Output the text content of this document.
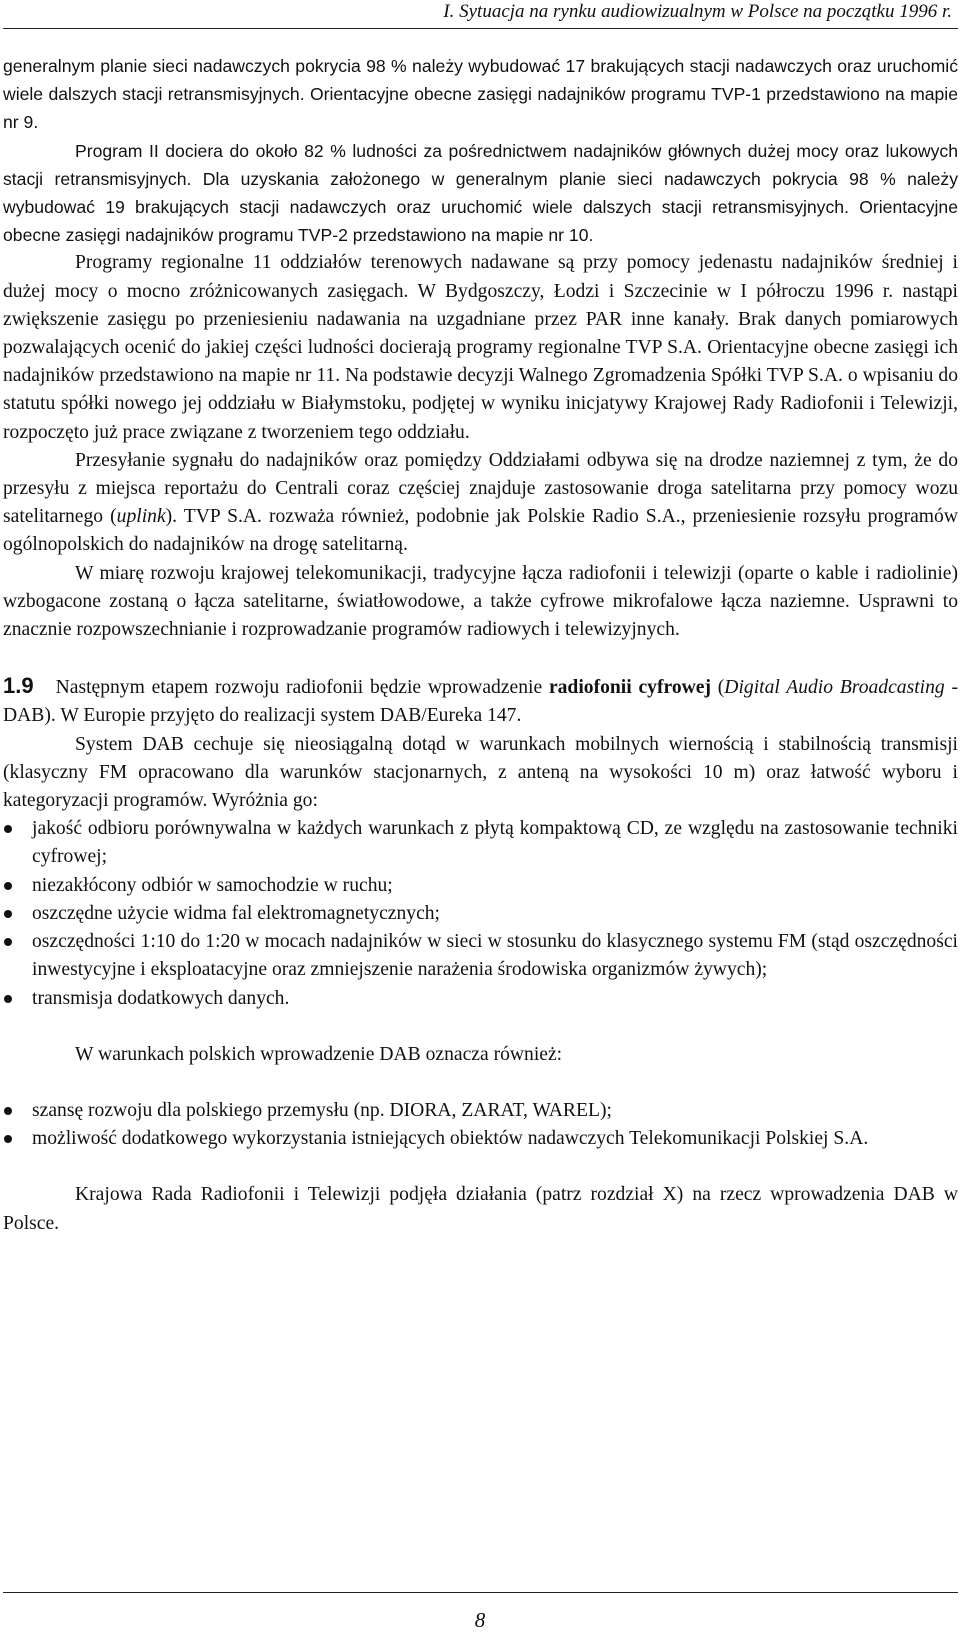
I. Sytuacja na rynku audiowizualnym w Polsce na początku 1996 r.

generalnym planie sieci nadawczych pokrycia 98 % należy wybudować 17 brakujących stacji nadawczych oraz uruchomić wiele dalszych stacji retransmisyjnych. Orientacyjne obecne zasięgi nadajników programu TVP-1 przedstawiono na mapie nr 9.

Program II dociera do około 82 % ludności za pośrednictwem nadajników głównych dużej mocy oraz lukowych stacji retransmisyjnych. Dla uzyskania założonego w generalnym planie sieci nadawczych pokrycia 98 % należy wybudować 19 brakujących stacji nadawczych oraz uruchomić wiele dalszych stacji retransmisyjnych. Orientacyjne obecne zasięgi nadajników programu TVP-2 przedstawiono na mapie nr 10.

Programy regionalne 11 oddziałów terenowych nadawane są przy pomocy jedenastu nadajników średniej i dużej mocy o mocno zróżnicowanych zasięgach. W Bydgoszczy, Łodzi i Szczecinie w I półroczu 1996 r. nastąpi zwiększenie zasięgu po przeniesieniu nadawania na uzgadniane przez PAR inne kanały. Brak danych pomiarowych pozwalających ocenić do jakiej części ludności docierają programy regionalne TVP S.A. Orientacyjne obecne zasięgi ich nadajników przedstawiono na mapie nr 11. Na podstawie decyzji Walnego Zgromadzenia Spółki TVP S.A. o wpisaniu do statutu spółki nowego jej oddziału w Białymstoku, podjętej w wyniku inicjatywy Krajowej Rady Radiofonii i Telewizji, rozpoczęto już prace związane z tworzeniem tego oddziału.

Przesyłanie sygnału do nadajników oraz pomiędzy Oddziałami odbywa się na drodze naziemnej z tym, że do przesyłu z miejsca reportażu do Centrali coraz częściej znajduje zastosowanie droga satelitarna przy pomocy wozu satelitarnego (uplink). TVP S.A. rozważa również, podobnie jak Polskie Radio S.A., przeniesienie rozsyłu programów ogólnopolskich do nadajników na drogę satelitarną.

W miarę rozwoju krajowej telekomunikacji, tradycyjne łącza radiofonii i telewizji (oparte o kable i radiolinie) wzbogacone zostaną o łącza satelitarne, światłowodowe, a także cyfrowe mikrofalowe łącza naziemne. Usprawni to znacznie rozpowszechnianie i rozprowadzanie programów radiowych i telewizyjnych.

1.9 Następnym etapem rozwoju radiofonii będzie wprowadzenie radiofonii cyfrowej (Digital Audio Broadcasting - DAB). W Europie przyjęto do realizacji system DAB/Eureka 147.

System DAB cechuje się nieosiągalną dotąd w warunkach mobilnych wiernością i stabilnością transmisji (klasyczny FM opracowano dla warunków stacjonarnych, z anteną na wysokości 10 m) oraz łatwość wyboru i kategoryzacji programów. Wyróżnia go:

jakość odbioru porównywalna w każdych warunkach z płytą kompaktową CD, ze względu na zastosowanie techniki cyfrowej;
niezakłócony odbiór w samochodzie w ruchu;
oszczędne użycie widma fal elektromagnetycznych;
oszczędności 1:10 do 1:20 w mocach nadajników w sieci w stosunku do klasycznego systemu FM (stąd oszczędności inwestycyjne i eksploatacyjne oraz zmniejszenie narażenia środowiska organizmów żywych);
transmisja dodatkowych danych.

W warunkach polskich wprowadzenie DAB oznacza również:

szansę rozwoju dla polskiego przemysłu (np. DIORA, ZARAT, WAREL);
możliwość dodatkowego wykorzystania istniejących obiektów nadawczych Telekomunikacji Polskiej S.A.

Krajowa Rada Radiofonii i Telewizji podjęła działania (patrz rozdział X) na rzecz wprowadzenia DAB w Polsce.

8
